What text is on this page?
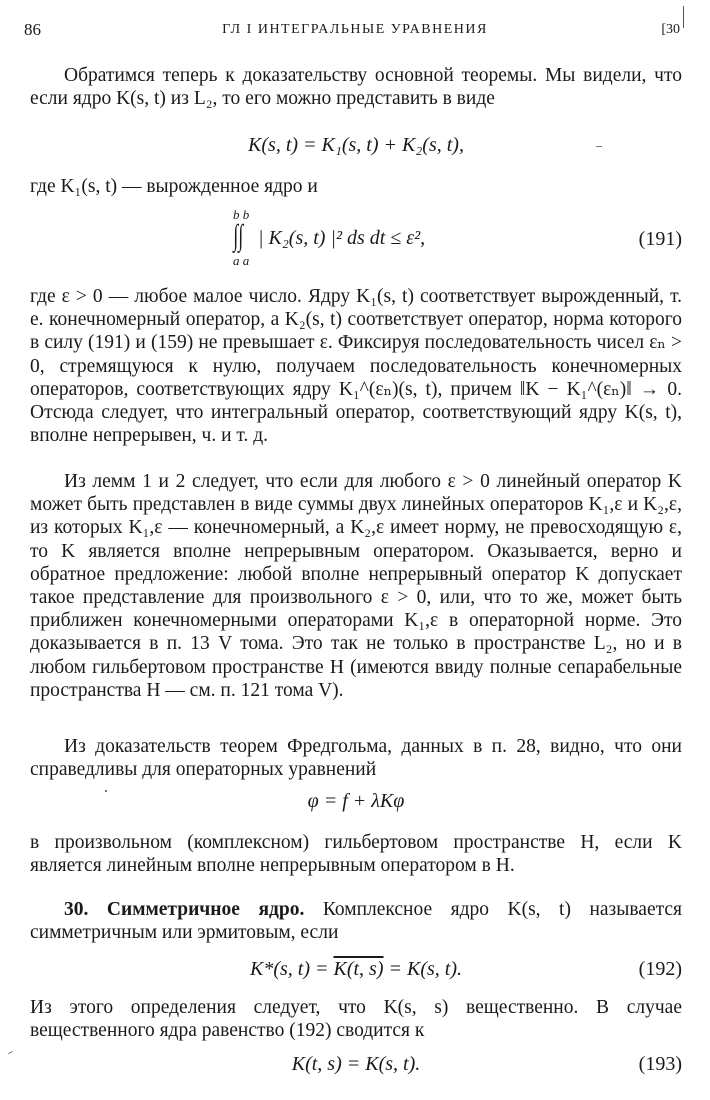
86	ГЛ I ИНТЕГРАЛЬНЫЕ УРАВНЕНИЯ	[30

Обратимся теперь к доказательству основной теоремы. Мы видели, что если ядро K(s, t) из L₂, то его можно представить в виде

K(s, t) = K₁(s, t) + K₂(s, t),

где K₁(s, t) — вырожденное ядро и

b b
∫∫
a a
| K₂(s, t) |² ds dt ≤ ε²,	(191)

где ε > 0 — любое малое число. Ядру K₁(s, t) соответствует вырожденный, т. е. конечномерный оператор, а K₂(s, t) соответствует оператор, норма которого в силу (191) и (159) не превышает ε. Фиксируя последовательность чисел εₙ > 0, стремящуюся к нулю, получаем последовательность конечномерных операторов, соответствующих ядру K₁^(εₙ)(s, t), причем ‖K − K₁^(εₙ)‖ → 0. Отсюда следует, что интегральный оператор, соответствующий ядру K(s, t), вполне непрерывен, ч. и т. д.

Из лемм 1 и 2 следует, что если для любого ε > 0 линейный оператор K может быть представлен в виде суммы двух линейных операторов K₁,ε и K₂,ε, из которых K₁,ε — конечномерный, а K₂,ε имеет норму, не превосходящую ε, то K является вполне непрерывным оператором. Оказывается, верно и обратное предложение: любой вполне непрерывный оператор K допускает такое представление для произвольного ε > 0, или, что то же, может быть приближен конечномерными операторами K₁,ε в операторной норме. Это доказывается в п. 13 V тома. Это так не только в пространстве L₂, но и в любом гильбертовом пространстве H (имеются ввиду полные сепарабельные пространства H — см. п. 121 тома V).

Из доказательств теорем Фредгольма, данных в п. 28, видно, что они справедливы для операторных уравнений

φ = f + λKφ

в произвольном (комплексном) гильбертовом пространстве H, если K является линейным вполне непрерывным оператором в H.

30. Симметричное ядро. Комплексное ядро K(s, t) называется симметричным или эрмитовым, если

K*(s, t) = K(t, s) = K(s, t).	(192)

Из этого определения следует, что K(s, s) вещественно. В случае вещественного ядра равенство (192) сводится к

K(t, s) = K(s, t).	(193)
